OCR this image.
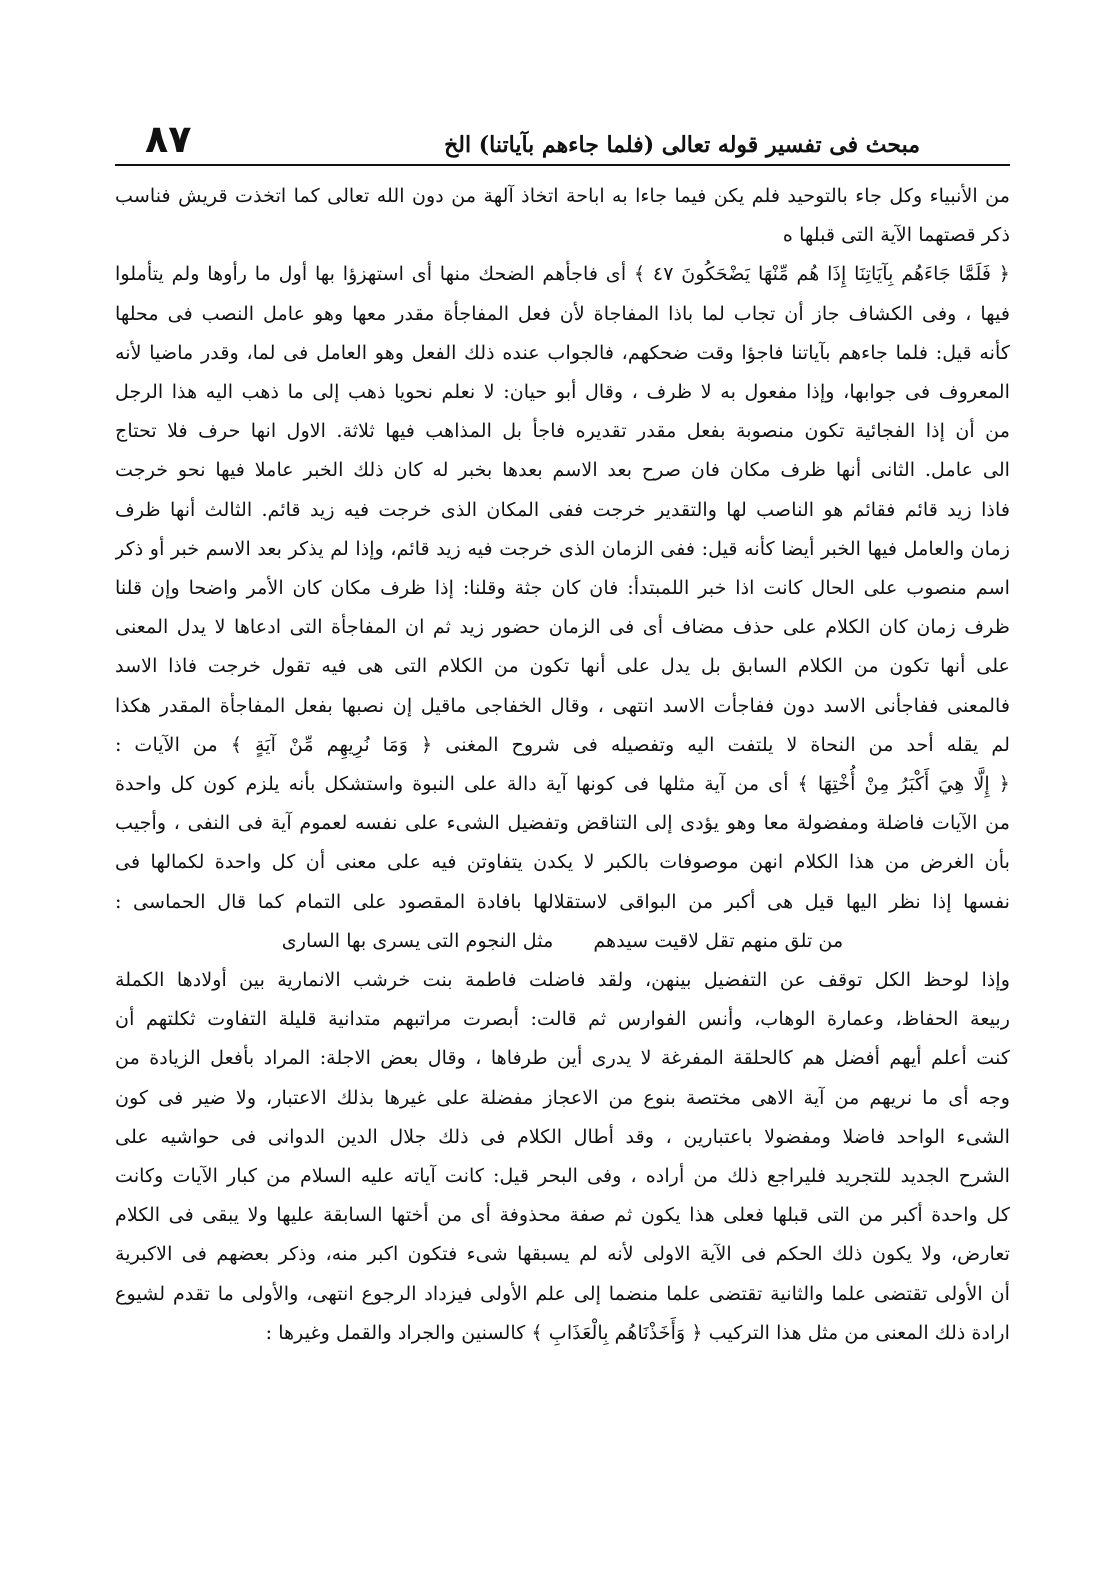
٨٧	مبحث فى تفسير قوله تعالى (فلما جاءهم بآياتنا) الخ
من الأنبياء وكل جاء بالتوحيد فلم يكن فيما جاءا به اباحة اتخاذ آلهة من دون الله تعالى كما اتخذت قريش فناسب
ذكر قصتهما الآية التى قبلها ه
﴿ فَلَمَّا جَاءَهُم بِآيَاتِنَا إِذَا هُم مِّنْهَا يَضْحَكُونَ ٤٧ ﴾ أى فاجأهم الضحك منها أى استهزؤا بها أول ما رأوها ولم يتأملوا
فيها ، وفى الكشاف جاز أن تجاب لما باذا المفاجاة لأن فعل المفاجأة مقدر معها وهو عامل النصب فى محلها
كأنه قيل: فلما جاءهم بآياتنا فاجؤا وقت ضحكهم، فالجواب عنده ذلك الفعل وهو العامل فى لما، وقدر ماضيا لأنه
المعروف فى جوابها، وإذا مفعول به لا ظرف ، وقال أبو حيان: لا نعلم نحويا ذهب إلى ما ذهب اليه هذا الرجل
من أن إذا الفجائية تكون منصوبة بفعل مقدر تقديره فاجأ بل المذاهب فيها ثلاثة. الاول انها حرف فلا تحتاج
الى عامل. الثانى أنها ظرف مكان فان صرح بعد الاسم بعدها بخبر له كان ذلك الخبر عاملا فيها نحو خرجت
فاذا زيد قائم فقائم هو الناصب لها والتقدير خرجت ففى المكان الذى خرجت فيه زيد قائم. الثالث أنها ظرف
زمان والعامل فيها الخبر أيضا كأنه قيل: ففى الزمان الذى خرجت فيه زيد قائم، وإذا لم يذكر بعد الاسم خبر أو ذكر
اسم منصوب على الحال كانت اذا خبر اللمبتدأ: فان كان جثة وقلنا: إذا ظرف مكان كان الأمر واضحا وإن قلنا
ظرف زمان كان الكلام على حذف مضاف أى فى الزمان حضور زيد ثم ان المفاجأة التى ادعاها لا يدل المعنى
على أنها تكون من الكلام السابق بل يدل على أنها تكون من الكلام التى هى فيه تقول خرجت فاذا الاسد
فالمعنى ففاجأنى الاسد دون ففاجأت الاسد انتهى ، وقال الخفاجى ماقيل إن نصبها بفعل المفاجأة المقدر هكذا
لم يقله أحد من النحاة لا يلتفت اليه وتفصيله فى شروح المغنى ﴿ وَمَا نُرِيهِم مِّنْ آيَةٍ ﴾ من الآيات :
﴿ إِلَّا هِيَ أَكْبَرُ مِنْ أُخْتِهَا ﴾ أى من آية مثلها فى كونها آية دالة على النبوة واستشكل بأنه يلزم كون كل واحدة
من الآيات فاضلة ومفضولة معا وهو يؤدى إلى التناقض وتفضيل الشىء على نفسه لعموم آية فى النفى ، وأجيب
بأن الغرض من هذا الكلام انهن موصوفات بالكبر لا يكدن يتفاوتن فيه على معنى أن كل واحدة لكمالها فى
نفسها إذا نظر اليها قيل هى أكبر من البواقى لاستقلالها بافادة المقصود على التمام كما قال الحماسى :
من تلق منهم تقل لاقيت سيدهم
مثل النجوم التى يسرى بها السارى
وإذا لوحظ الكل توقف عن التفضيل بينهن، ولقد فاضلت فاطمة بنت خرشب الانمارية بين أولادها الكملة
ربيعة الحفاظ، وعمارة الوهاب، وأنس الفوارس ثم قالت: أبصرت مراتبهم متدانية قليلة التفاوت ثكلتهم أن
كنت أعلم أيهم أفضل هم كالحلقة المفرغة لا يدرى أين طرفاها ، وقال بعض الاجلة: المراد بأفعل الزيادة من
وجه أى ما نريهم من آية الاهى مختصة بنوع من الاعجاز مفضلة على غيرها بذلك الاعتبار، ولا ضير فى كون
الشىء الواحد فاضلا ومفضولا باعتبارين ، وقد أطال الكلام فى ذلك جلال الدين الدوانى فى حواشيه على
الشرح الجديد للتجريد فليراجع ذلك من أراده ، وفى البحر قيل: كانت آياته عليه السلام من كبار الآيات وكانت
كل واحدة أكبر من التى قبلها فعلى هذا يكون ثم صفة محذوفة أى من أختها السابقة عليها ولا يبقى فى الكلام
تعارض، ولا يكون ذلك الحكم فى الآية الاولى لأنه لم يسبقها شىء فتكون اكبر منه، وذكر بعضهم فى الاكبرية
أن الأولى تقتضى علما والثانية تقتضى علما منضما إلى علم الأولى فيزداد الرجوع انتهى، والأولى ما تقدم لشيوع
ارادة ذلك المعنى من مثل هذا التركيب ﴿ وَأَخَذْنَاهُم بِالْعَذَابِ ﴾ كالسنين والجراد والقمل وغيرها :
